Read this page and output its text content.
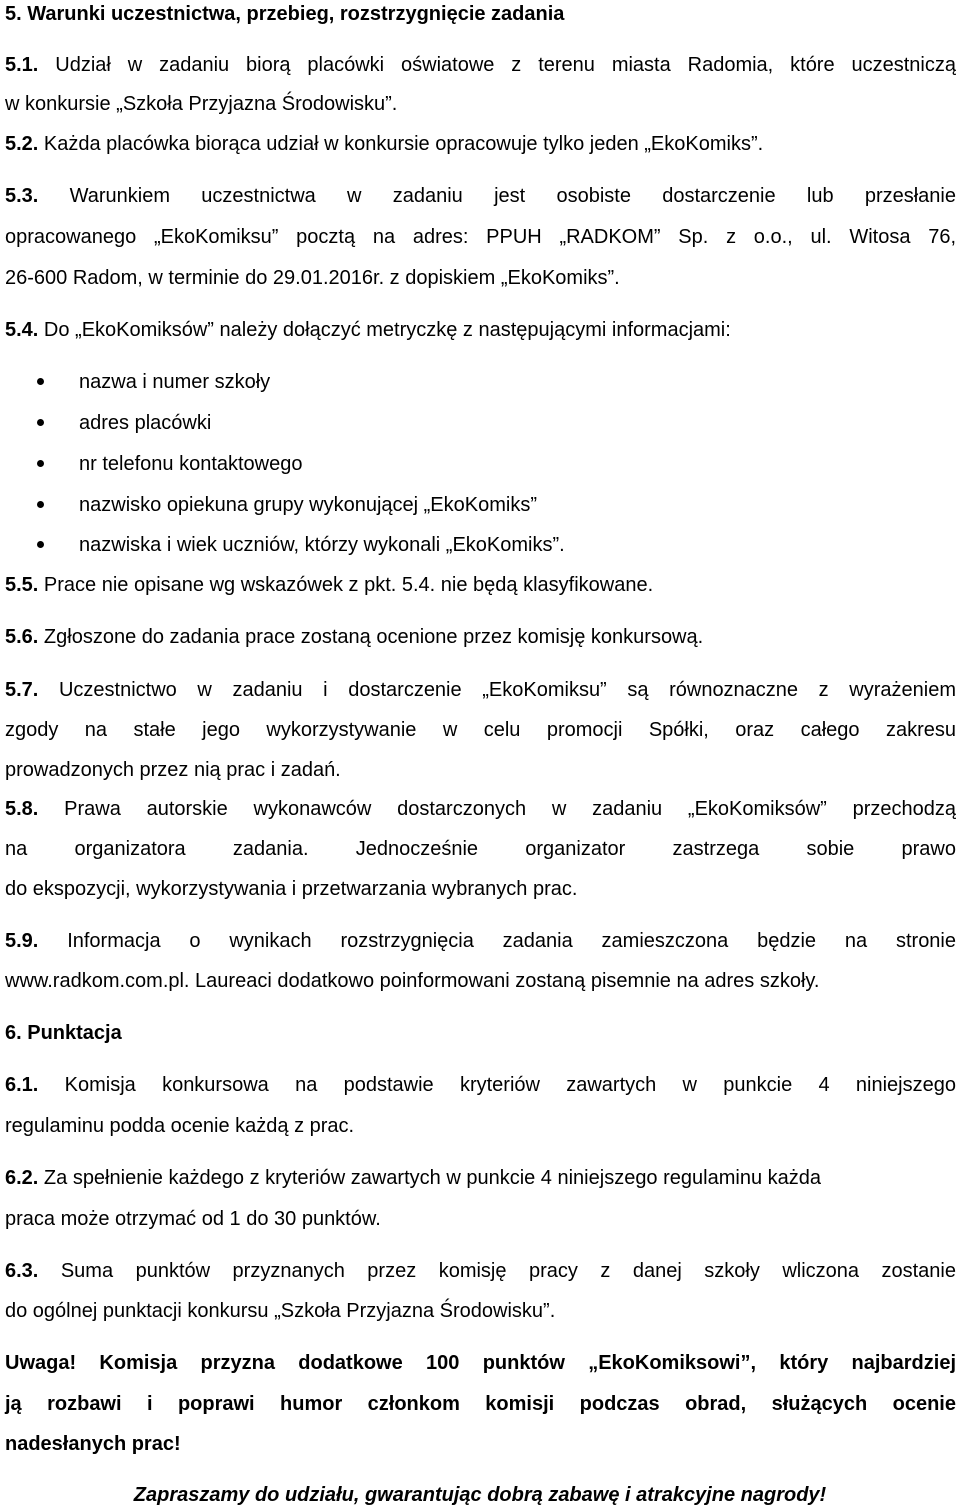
5. Warunki uczestnictwa, przebieg, rozstrzygnięcie zadania
5.1. Udział w zadaniu biorą placówki oświatowe z terenu miasta Radomia, które uczestniczą
w konkursie „Szkoła Przyjazna Środowisku”.
5.2. Każda placówka biorąca udział w konkursie opracowuje tylko jeden „EkoKomiks”.
5.3. Warunkiem uczestnictwa w zadaniu jest osobiste dostarczenie lub przesłanie
opracowanego „EkoKomiksu” pocztą na adres: PPUH „RADKOM” Sp. z o.o., ul. Witosa 76,
26-600 Radom, w terminie do 29.01.2016r. z dopiskiem „EkoKomiks”.
5.4. Do „EkoKomiksów” należy dołączyć metryczkę z następującymi informacjami:
nazwa i numer szkoły
adres placówki
nr telefonu kontaktowego
nazwisko opiekuna grupy wykonującej „EkoKomiks”
nazwiska i wiek uczniów, którzy wykonali „EkoKomiks”.
5.5. Prace nie opisane wg wskazówek z pkt. 5.4. nie będą klasyfikowane.
5.6. Zgłoszone do zadania prace zostaną ocenione przez komisję konkursową.
5.7. Uczestnictwo w zadaniu i dostarczenie „EkoKomiksu” są równoznaczne z wyrażeniem
zgody na stałe jego wykorzystywanie w celu promocji Spółki, oraz całego zakresu
prowadzonych przez nią prac i zadań.
5.8. Prawa autorskie wykonawców dostarczonych w zadaniu „EkoKomiksów” przechodzą
na organizatora zadania. Jednocześnie organizator zastrzega sobie prawo
do ekspozycji, wykorzystywania i przetwarzania wybranych prac.
5.9. Informacja o wynikach rozstrzygnięcia zadania zamieszczona będzie na stronie
www.radkom.com.pl. Laureaci dodatkowo poinformowani zostaną pisemnie na adres szkoły.
6. Punktacja
6.1. Komisja konkursowa na podstawie kryteriów zawartych w punkcie 4 niniejszego
regulaminu podda ocenie każdą z prac.
6.2. Za spełnienie każdego z kryteriów zawartych w punkcie 4 niniejszego regulaminu każda
praca może otrzymać od 1 do 30 punktów.
6.3. Suma punktów przyznanych przez komisję pracy z danej szkoły wliczona zostanie
do ogólnej punktacji konkursu „Szkoła Przyjazna Środowisku”.
Uwaga! Komisja przyzna dodatkowe 100 punktów „EkoKomiksowi”, który najbardziej
ją rozbawi i poprawi humor członkom komisji podczas obrad, służących ocenie
nadesłanych prac!
Zapraszamy do udziału, gwarantując dobrą zabawę i atrakcyjne nagrody!
